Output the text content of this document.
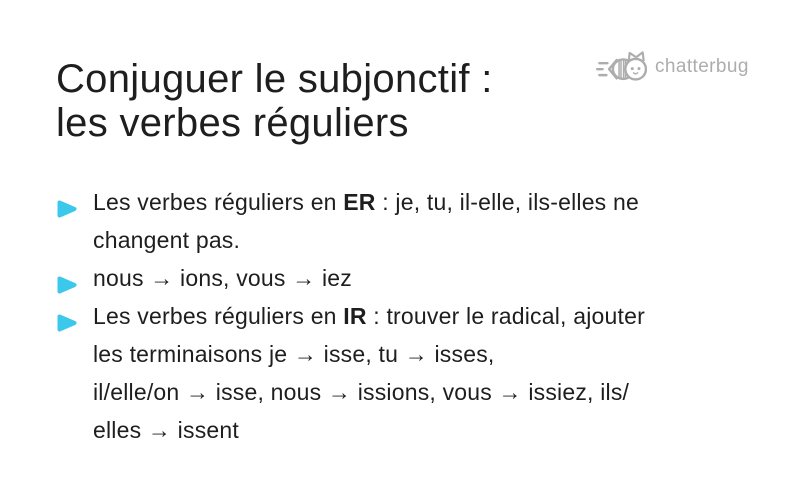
Conjuguer le subjonctif :
les verbes réguliers
chatterbug
Les verbes réguliers en ER : je, tu, il-elle, ils-elles ne
changent pas.
nous → ions, vous → iez
Les verbes réguliers en IR : trouver le radical, ajouter
les terminaisons je → isse, tu → isses,
il/elle/on → isse, nous → issions, vous → issiez, ils/
elles → issent
